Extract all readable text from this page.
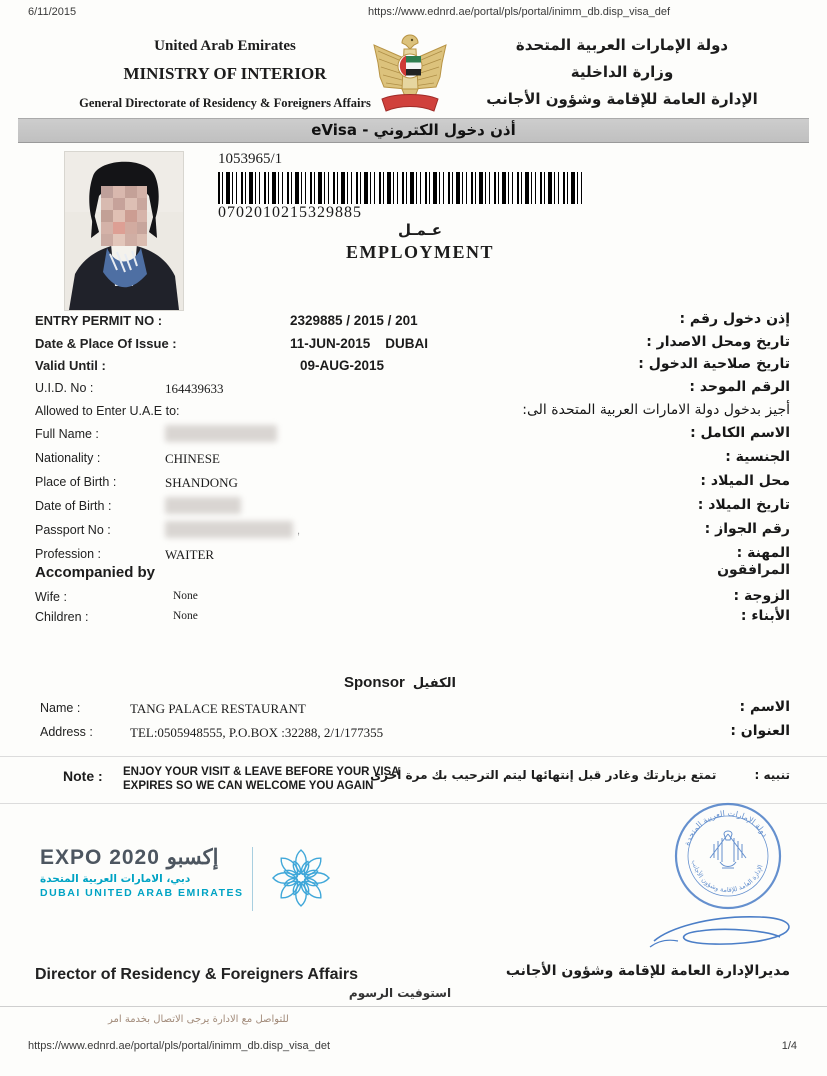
6/11/2015	https://www.ednrd.ae/portal/pls/portal/inimm_db.disp_visa_def
United Arab Emirates
MINISTRY OF INTERIOR
General Directorate of Residency & Foreigners Affairs
دولة الإمارات العربية المتحدة
وزارة الداخلية
الإدارة العامة للإقامة وشؤون الأجانب
أذن دخول الكتروني - eVisa
1053965/1
0702010215329885
عـمـل
EMPLOYMENT
ENTRY PERMIT NO :	2329885 / 2015 / 201	إذن دخول رقم :
Date & Place Of Issue :	11-JUN-2015    DUBAI	تاريخ ومحل الاصدار :
Valid Until :	09-AUG-2015	تاريخ صلاحية الدخول :
U.I.D. No :	164439633	الرقم الموحد :
Allowed to Enter U.A.E to:	أجيز بدخول دولة الامارات العربية المتحدة الى:
Full Name :	الاسم الكامل :
Nationality :	CHINESE	الجنسية :
Place of Birth :	SHANDONG	محل الميلاد :
Date of Birth :	تاريخ الميلاد :
Passport No :	,	رقم الجواز :
Profession :	WAITER	المهنة :
Accompanied by	المرافقون
Wife :	None	الزوجة :
Children :	None	الأبناء :
Sponsor الكفيل
Name :	TANG PALACE RESTAURANT	الاسم :
Address :	TEL:0505948555, P.O.BOX :32288, 2/1/177355	العنوان :
Note : ENJOY YOUR VISIT & LEAVE BEFORE YOUR VISA
EXPIRES SO WE CAN WELCOME YOU AGAIN
تنبيه : تمتع بزيارتك وغادر قبل إنتهائها ليتم الترحيب بك مرة أخرى
EXPO 2020 إكسبو
دبي، الامارات العربية المتحدة
DUBAI UNITED ARAB EMIRATES
دولة الإمارات العربية المتحدة
الإدارة العامة للإقامة وشؤون الأجانب
Director of Residency & Foreigners Affairs	مديرالإدارة العامة للإقامة وشؤون الأجانب
استوفيت الرسوم
للتواصل مع الادارة يرجى الاتصال بخدمة امر
https://www.ednrd.ae/portal/pls/portal/inimm_db.disp_visa_det	1/4
